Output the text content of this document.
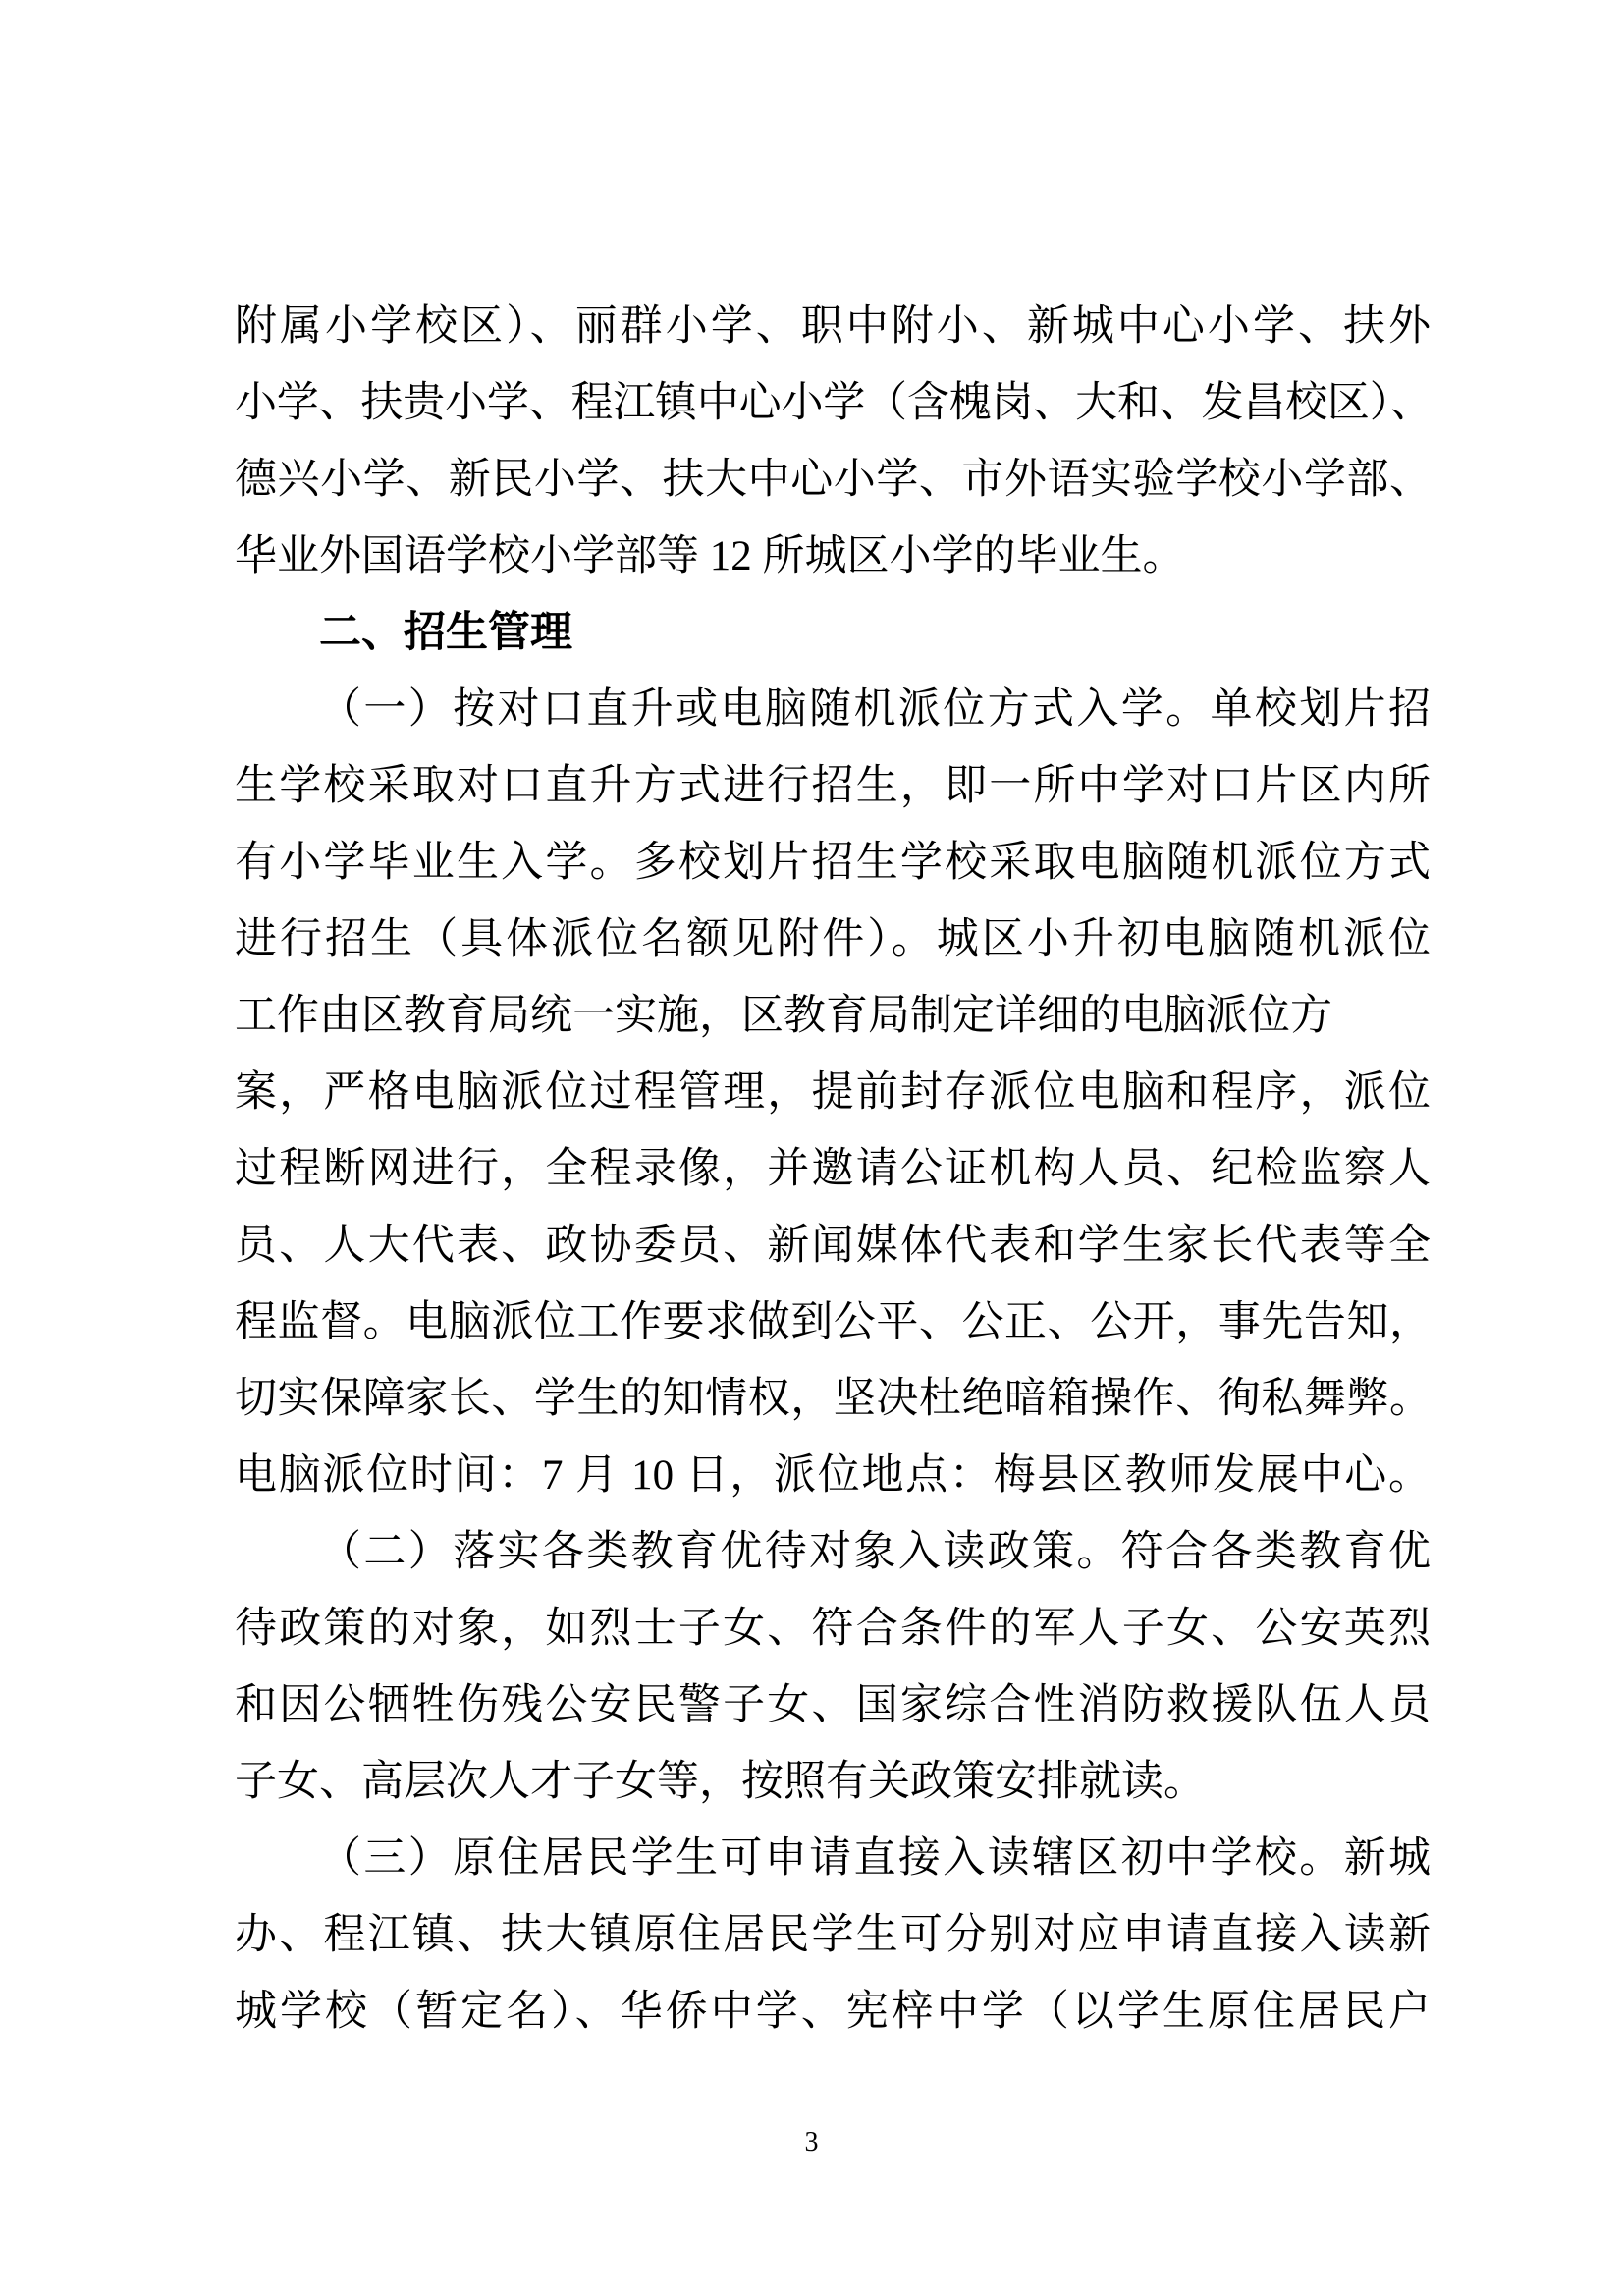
附属小学校区）、丽群小学、职中附小、新城中心小学、扶外
小学、扶贵小学、程江镇中心小学（含槐岗、大和、发昌校区）、
德兴小学、新民小学、扶大中心小学、市外语实验学校小学部、
华业外国语学校小学部等 12 所城区小学的毕业生。
二、招生管理
（一）按对口直升或电脑随机派位方式入学。单校划片招
生学校采取对口直升方式进行招生，即一所中学对口片区内所
有小学毕业生入学。多校划片招生学校采取电脑随机派位方式
进行招生（具体派位名额见附件）。城区小升初电脑随机派位
工作由区教育局统一实施，区教育局制定详细的电脑派位方
案，严格电脑派位过程管理，提前封存派位电脑和程序，派位
过程断网进行，全程录像，并邀请公证机构人员、纪检监察人
员、人大代表、政协委员、新闻媒体代表和学生家长代表等全
程监督。电脑派位工作要求做到公平、公正、公开，事先告知，
切实保障家长、学生的知情权，坚决杜绝暗箱操作、徇私舞弊。
电脑派位时间：7 月 10 日，派位地点：梅县区教师发展中心。
（二）落实各类教育优待对象入读政策。符合各类教育优
待政策的对象，如烈士子女、符合条件的军人子女、公安英烈
和因公牺牲伤残公安民警子女、国家综合性消防救援队伍人员
子女、高层次人才子女等，按照有关政策安排就读。
（三）原住居民学生可申请直接入读辖区初中学校。新城
办、程江镇、扶大镇原住居民学生可分别对应申请直接入读新
城学校（暂定名）、华侨中学、宪梓中学（以学生原住居民户
3
